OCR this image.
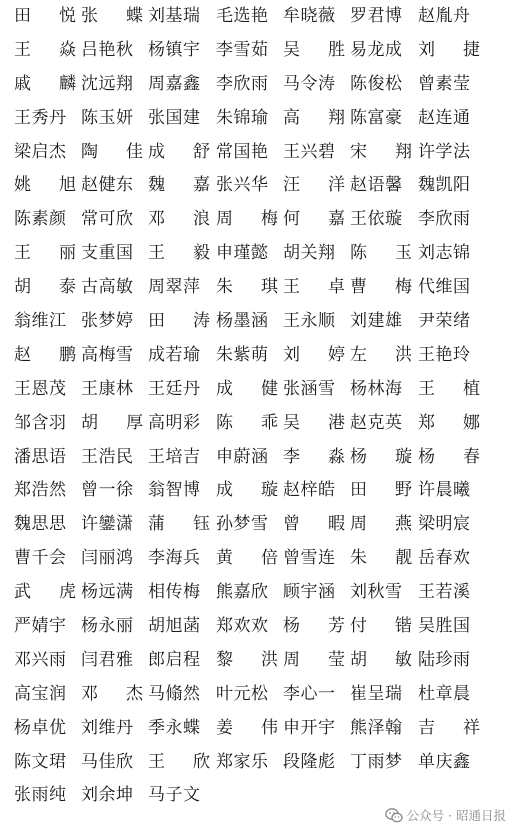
田 悦 张 蝶 刘基瑞 毛选艳 牟晓薇 罗君博 赵胤舟
王 焱 吕艳秋 杨镇宇 李雪茹 吴 胜 易龙成 刘 捷
戚 麟 沈远翔 周嘉鑫 李欣雨 马令涛 陈俊松 曾素莹
王秀丹 陈玉妍 张国建 朱锦瑜 高 翔 陈富豪 赵连通
梁启杰 陶 佳 成 舒 常国艳 王兴碧 宋 翔 许学法
姚 旭 赵健东 魏 嘉 张兴华 汪 洋 赵语馨 魏凯阳
陈素颜 常可欣 邓 浪 周 梅 何 嘉 王依璇 李欣雨
王 丽 支重国 王 毅 申瑾懿 胡关翔 陈 玉 刘志锦
胡 泰 古高敏 周翠萍 朱 琪 王 卓 曹 梅 代维国
翁维江 张梦婷 田 涛 杨墨涵 王永顺 刘建雄 尹荣绪
赵 鹏 高梅雪 成若瑜 朱紫萌 刘 婷 左 洪 王艳玲
王恩茂 王康林 王廷丹 成 健 张涵雪 杨林海 王 植
邹含羽 胡 厚 高明彩 陈 乖 吴 港 赵克英 郑 娜
潘思语 王浩民 王培吉 申蔚涵 李 淼 杨 璇 杨 春
郑浩然 曾一徐 翁智博 成 璇 赵梓皓 田 野 许晨曦
魏思思 许鑾潇 蒲 钰 孙梦雪 曾 暇 周 燕 梁明宸
曹千会 闫丽鸿 李海兵 黄 倍 曾雪连 朱 靓 岳春欢
武 虎 杨远满 相传梅 熊嘉欣 顾宇涵 刘秋雪 王若溪
严婧宇 杨永丽 胡旭菡 郑欢欢 杨 芳 付 锴 吴胜国
邓兴雨 闫君雅 郎启程 黎 洪 周 莹 胡 敏 陆珍雨
高宝润 邓 杰 马翛然 叶元松 李心一 崔呈瑞 杜章晨
杨卓优 刘维丹 季永蝶 姜 伟 申开宇 熊泽翰 吉 祥
陈文珺 马佳欣 王 欣 郑家乐 段隆彪 丁雨梦 单庆鑫
张雨纯 刘余坤 马子文
公众号 · 昭通日报
